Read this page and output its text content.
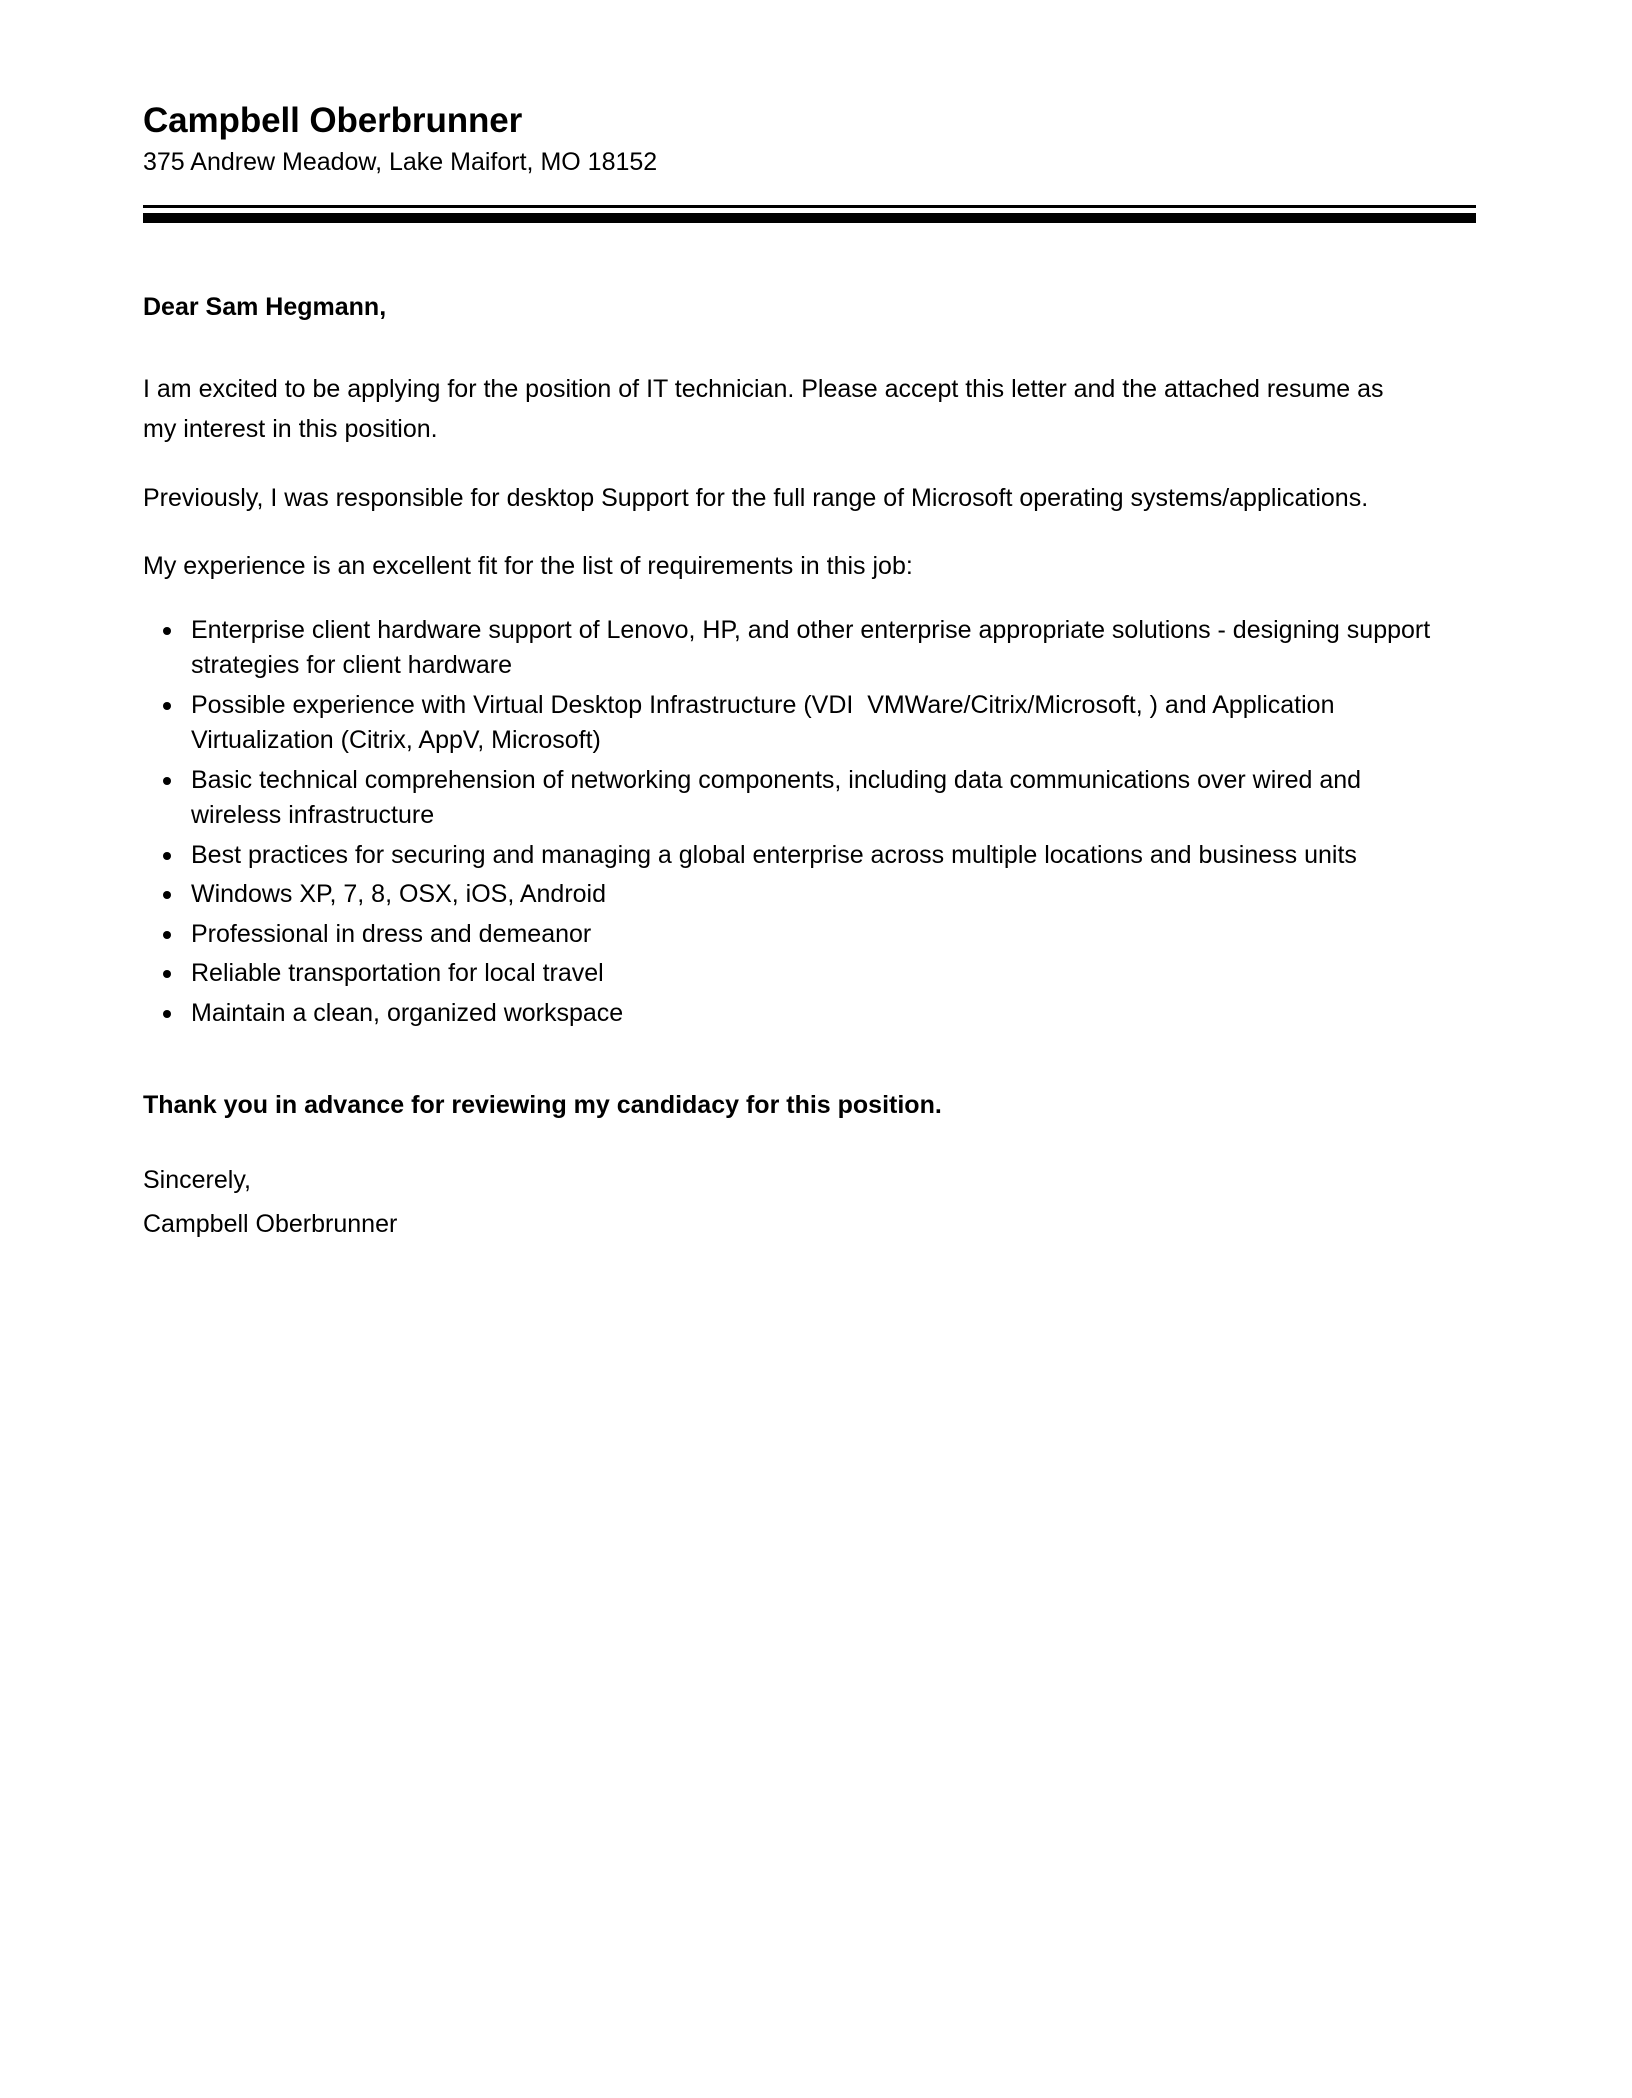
Campbell Oberbrunner
375 Andrew Meadow, Lake Maifort, MO 18152
Dear Sam Hegmann,

I am excited to be applying for the position of IT technician. Please accept this letter and the attached resume as my interest in this position.

Previously, I was responsible for desktop Support for the full range of Microsoft operating systems/applications.

My experience is an excellent fit for the list of requirements in this job:

Enterprise client hardware support of Lenovo, HP, and other enterprise appropriate solutions - designing support strategies for client hardware
Possible experience with Virtual Desktop Infrastructure (VDI  VMWare/Citrix/Microsoft, ) and Application Virtualization (Citrix, AppV, Microsoft)
Basic technical comprehension of networking components, including data communications over wired and wireless infrastructure
Best practices for securing and managing a global enterprise across multiple locations and business units
Windows XP, 7, 8, OSX, iOS, Android
Professional in dress and demeanor
Reliable transportation for local travel
Maintain a clean, organized workspace
Thank you in advance for reviewing my candidacy for this position.
Sincerely,
Campbell Oberbrunner
